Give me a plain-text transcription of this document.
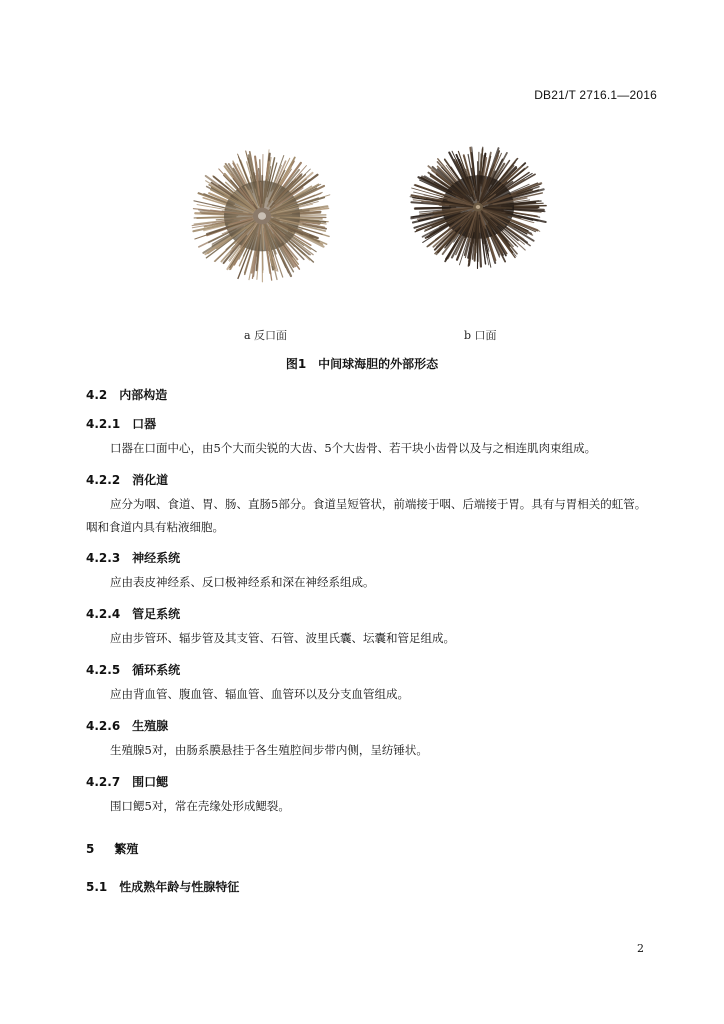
DB21/T 2716.1—2016
a 反口面	b 口面
图1　中间球海胆的外部形态
4.2 内部构造
4.2.1 口器
口器在口面中心，由5个大而尖锐的大齿、5个大齿骨、若干块小齿骨以及与之相连肌肉束组成。
4.2.2 消化道
应分为咽、食道、胃、肠、直肠5部分。食道呈短管状，前端接于咽、后端接于胃。具有与胃相关的虹管。咽和食道内具有粘液细胞。
4.2.3 神经系统
应由表皮神经系、反口极神经系和深在神经系组成。
4.2.4 管足系统
应由步管环、辐步管及其支管、石管、波里氏囊、坛囊和管足组成。
4.2.5 循环系统
应由背血管、腹血管、辐血管、血管环以及分支血管组成。
4.2.6 生殖腺
生殖腺5对，由肠系膜悬挂于各生殖腔间步带内侧，呈纺锤状。
4.2.7 围口鳃
围口鳃5对，常在壳缘处形成鳃裂。
5 繁殖
5.1 性成熟年龄与性腺特征
2
